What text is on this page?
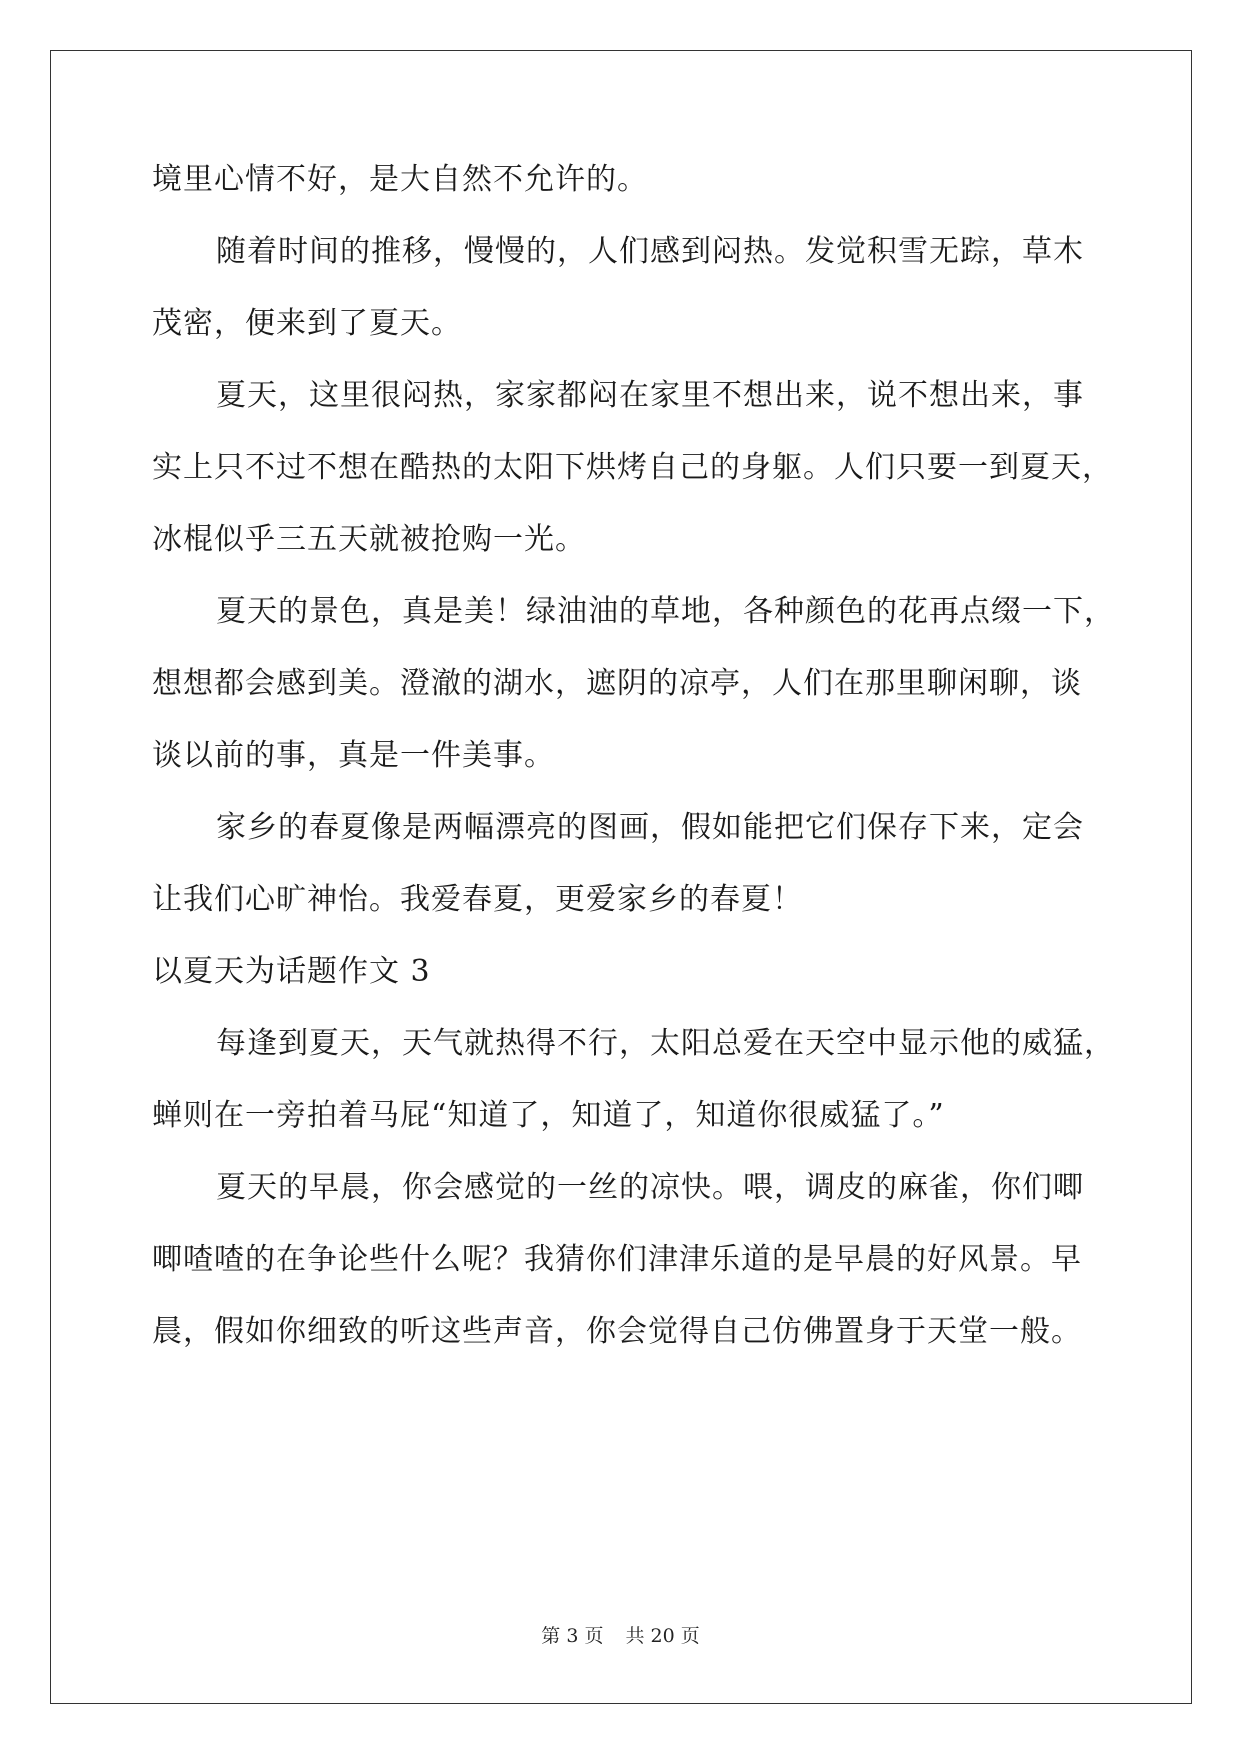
境里心情不好，是大自然不允许的。
随着时间的推移，慢慢的，人们感到闷热。发觉积雪无踪，草木
茂密，便来到了夏天。
夏天，这里很闷热，家家都闷在家里不想出来，说不想出来，事
实上只不过不想在酷热的太阳下烘烤自己的身躯。人们只要一到夏天，
冰棍似乎三五天就被抢购一光。
夏天的景色，真是美！绿油油的草地，各种颜色的花再点缀一下，
想想都会感到美。澄澈的湖水，遮阴的凉亭，人们在那里聊闲聊，谈
谈以前的事，真是一件美事。
家乡的春夏像是两幅漂亮的图画，假如能把它们保存下来，定会
让我们心旷神怡。我爱春夏，更爱家乡的春夏！
以夏天为话题作文 3
每逢到夏天，天气就热得不行，太阳总爱在天空中显示他的威猛，
蝉则在一旁拍着马屁“知道了，知道了，知道你很威猛了。”
夏天的早晨，你会感觉的一丝的凉快。喂，调皮的麻雀，你们唧
唧喳喳的在争论些什么呢？我猜你们津津乐道的是早晨的好风景。早
晨，假如你细致的听这些声音，你会觉得自己仿佛置身于天堂一般。
第 3 页 共 20 页
